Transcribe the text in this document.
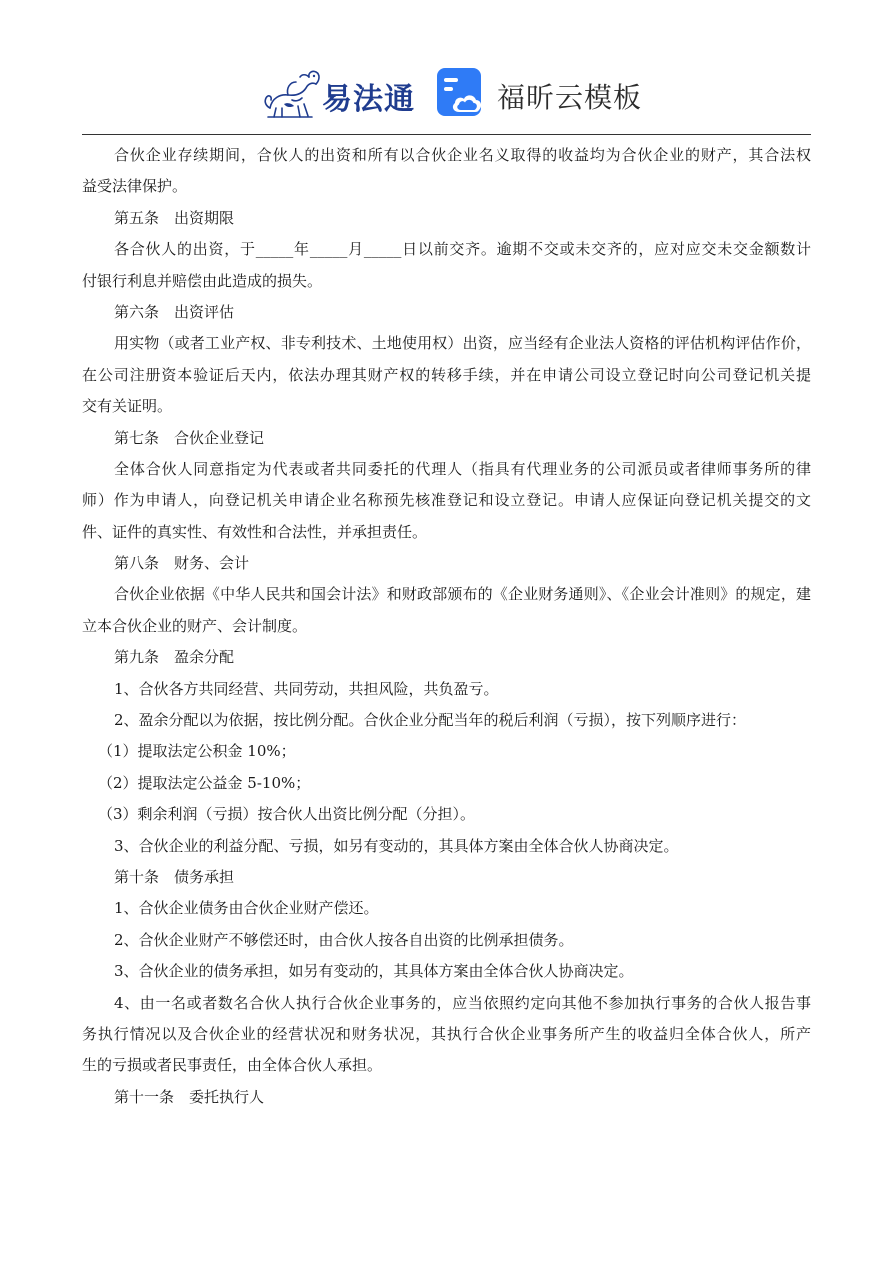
易法通	福昕云模板
合伙企业存续期间，合伙人的出资和所有以合伙企业名义取得的收益均为合伙企业的财产，其合法权
益受法律保护。
第五条　出资期限
各合伙人的出资，于_____年_____月_____日以前交齐。逾期不交或未交齐的，应对应交未交金额数计
付银行利息并赔偿由此造成的损失。
第六条　出资评估
用实物（或者工业产权、非专利技术、土地使用权）出资，应当经有企业法人资格的评估机构评估作价，
在公司注册资本验证后天内，依法办理其财产权的转移手续，并在申请公司设立登记时向公司登记机关提
交有关证明。
第七条　合伙企业登记
全体合伙人同意指定为代表或者共同委托的代理人（指具有代理业务的公司派员或者律师事务所的律
师）作为申请人，向登记机关申请企业名称预先核准登记和设立登记。申请人应保证向登记机关提交的文
件、证件的真实性、有效性和合法性，并承担责任。
第八条　财务、会计
合伙企业依据《中华人民共和国会计法》和财政部颁布的《企业财务通则》、《企业会计准则》的规定，建
立本合伙企业的财产、会计制度。
第九条　盈余分配
1、合伙各方共同经营、共同劳动，共担风险，共负盈亏。
2、盈余分配以为依据，按比例分配。合伙企业分配当年的税后利润（亏损），按下列顺序进行：
（1）提取法定公积金 10%；
（2）提取法定公益金 5-10%；
（3）剩余利润（亏损）按合伙人出资比例分配（分担）。
3、合伙企业的利益分配、亏损，如另有变动的，其具体方案由全体合伙人协商决定。
第十条　债务承担
1、合伙企业债务由合伙企业财产偿还。
2、合伙企业财产不够偿还时，由合伙人按各自出资的比例承担债务。
3、合伙企业的债务承担，如另有变动的，其具体方案由全体合伙人协商决定。
4、由一名或者数名合伙人执行合伙企业事务的，应当依照约定向其他不参加执行事务的合伙人报告事
务执行情况以及合伙企业的经营状况和财务状况，其执行合伙企业事务所产生的收益归全体合伙人，所产
生的亏损或者民事责任，由全体合伙人承担。
第十一条　委托执行人
